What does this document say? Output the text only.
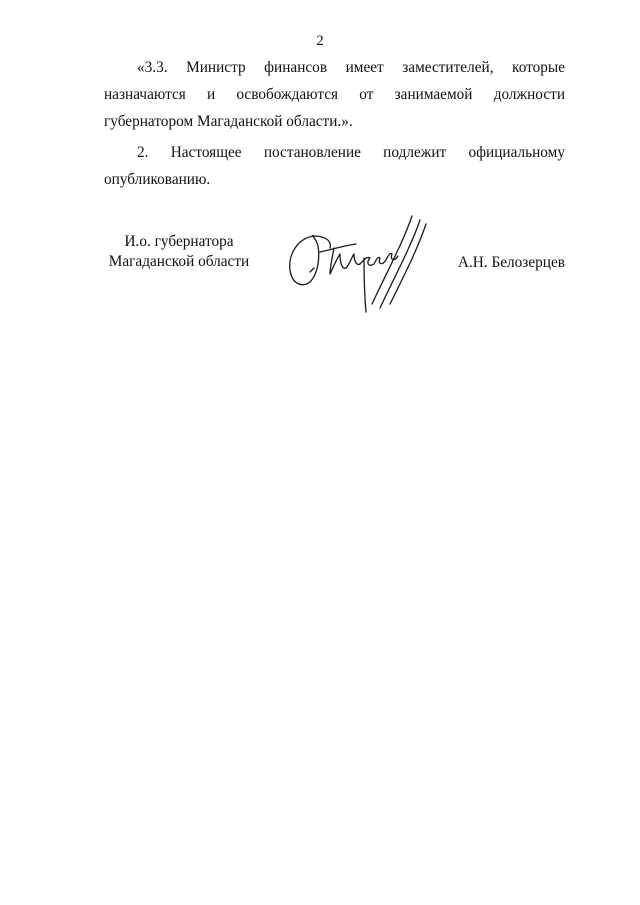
2

«3.3. Министр финансов имеет заместителей, которые назначаются и освобождаются от занимаемой должности губернатором Магаданской области.».

2. Настоящее постановление подлежит официальному опубликованию.

И.о. губернатора
Магаданской области	А.Н. Белозерцев
